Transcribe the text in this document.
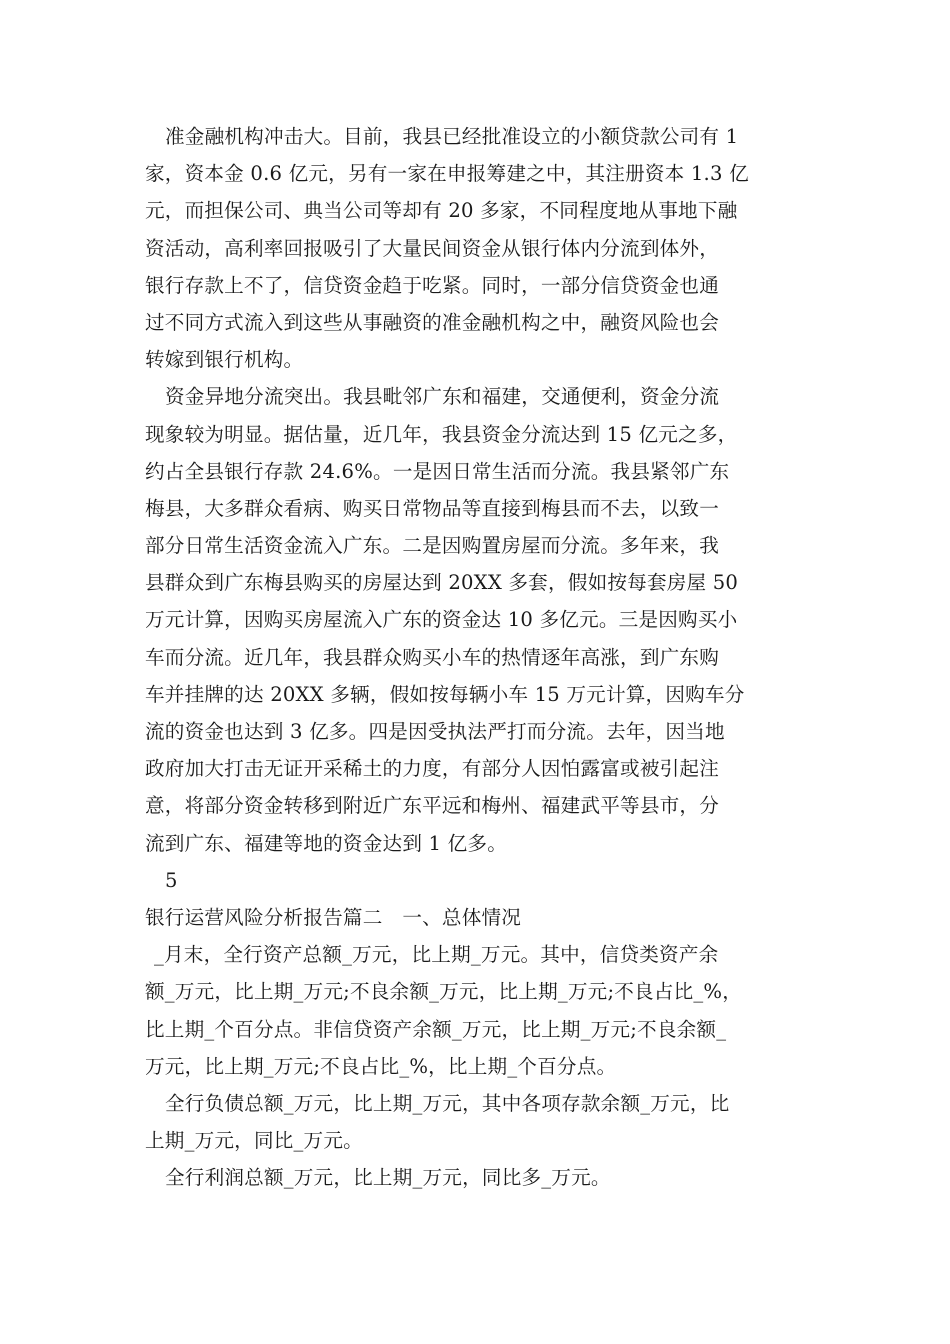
准金融机构冲击大。目前，我县已经批准设立的小额贷款公司有 1
家，资本金 0.6 亿元，另有一家在申报筹建之中，其注册资本 1.3 亿
元，而担保公司、典当公司等却有 20 多家，不同程度地从事地下融
资活动，高利率回报吸引了大量民间资金从银行体内分流到体外，
银行存款上不了，信贷资金趋于吃紧。同时，一部分信贷资金也通
过不同方式流入到这些从事融资的准金融机构之中，融资风险也会
转嫁到银行机构。
资金异地分流突出。我县毗邻广东和福建，交通便利，资金分流
现象较为明显。据估量，近几年，我县资金分流达到 15 亿元之多，
约占全县银行存款 24.6%。一是因日常生活而分流。我县紧邻广东
梅县，大多群众看病、购买日常物品等直接到梅县而不去，以致一
部分日常生活资金流入广东。二是因购置房屋而分流。多年来，我
县群众到广东梅县购买的房屋达到 20XX 多套，假如按每套房屋 50
万元计算，因购买房屋流入广东的资金达 10 多亿元。三是因购买小
车而分流。近几年，我县群众购买小车的热情逐年高涨，到广东购
车并挂牌的达 20XX 多辆，假如按每辆小车 15 万元计算，因购车分
流的资金也达到 3 亿多。四是因受执法严打而分流。去年，因当地
政府加大打击无证开采稀土的力度，有部分人因怕露富或被引起注
意，将部分资金转移到附近广东平远和梅州、福建武平等县市，分
流到广东、福建等地的资金达到 1 亿多。
5
银行运营风险分析报告篇二　一、总体情况
_月末，全行资产总额_万元，比上期_万元。其中，信贷类资产余
额_万元，比上期_万元;不良余额_万元，比上期_万元;不良占比_%，
比上期_个百分点。非信贷资产余额_万元，比上期_万元;不良余额_
万元，比上期_万元;不良占比_%，比上期_个百分点。
全行负债总额_万元，比上期_万元，其中各项存款余额_万元，比
上期_万元，同比_万元。
全行利润总额_万元，比上期_万元，同比多_万元。
